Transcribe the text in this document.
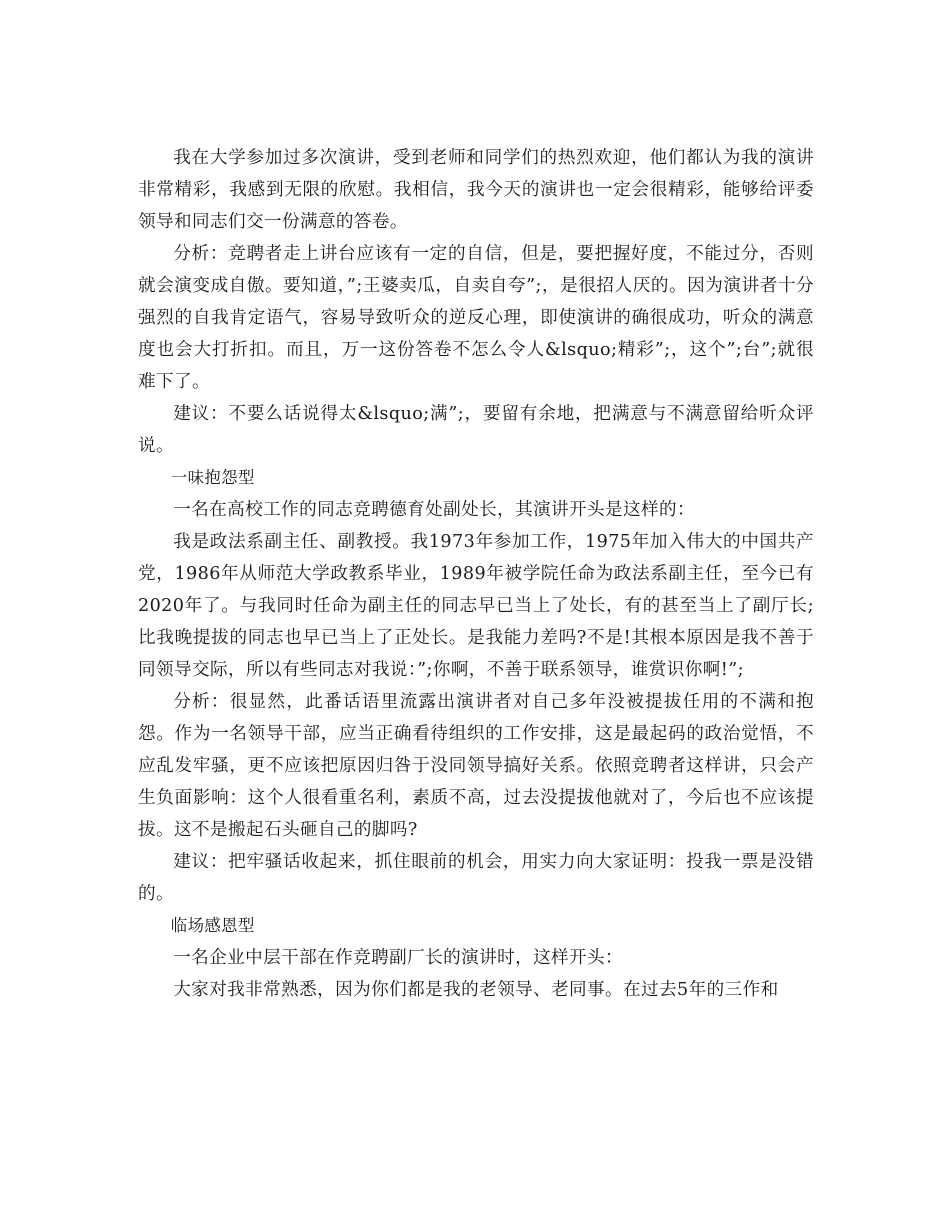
我在大学参加过多次演讲，受到老师和同学们的热烈欢迎，他们都认为我的演讲非常精彩，我感到无限的欣慰。我相信，我今天的演讲也一定会很精彩，能够给评委领导和同志们交一份满意的答卷。

分析：竞聘者走上讲台应该有一定的自信，但是，要把握好度，不能过分，否则就会演变成自傲。要知道，”;王婆卖瓜，自卖自夸”;，是很招人厌的。因为演讲者十分强烈的自我肯定语气，容易导致听众的逆反心理，即使演讲的确很成功，听众的满意度也会大打折扣。而且，万一这份答卷不怎么令人&lsquo;精彩”;，这个”;台”;就很难下了。

建议：不要么话说得太&lsquo;满”;，要留有余地，把满意与不满意留给听众评说。

一味抱怨型

一名在高校工作的同志竞聘德育处副处长，其演讲开头是这样的：

我是政法系副主任、副教授。我1973年参加工作，1975年加入伟大的中国共产党，1986年从师范大学政教系毕业，1989年被学院任命为政法系副主任，至今已有2020年了。与我同时任命为副主任的同志早已当上了处长，有的甚至当上了副厅长;比我晚提拔的同志也早已当上了正处长。是我能力差吗?不是!其根本原因是我不善于同领导交际，所以有些同志对我说：”;你啊，不善于联系领导，谁赏识你啊!”;

分析：很显然，此番话语里流露出演讲者对自己多年没被提拔任用的不满和抱怨。作为一名领导干部，应当正确看待组织的工作安排，这是最起码的政治觉悟，不应乱发牢骚，更不应该把原因归咎于没同领导搞好关系。依照竞聘者这样讲，只会产生负面影响：这个人很看重名利，素质不高，过去没提拔他就对了，今后也不应该提拔。这不是搬起石头砸自己的脚吗?

建议：把牢骚话收起来，抓住眼前的机会，用实力向大家证明：投我一票是没错的。

临场感恩型

一名企业中层干部在作竞聘副厂长的演讲时，这样开头：

大家对我非常熟悉，因为你们都是我的老领导、老同事。在过去5年的三作和
